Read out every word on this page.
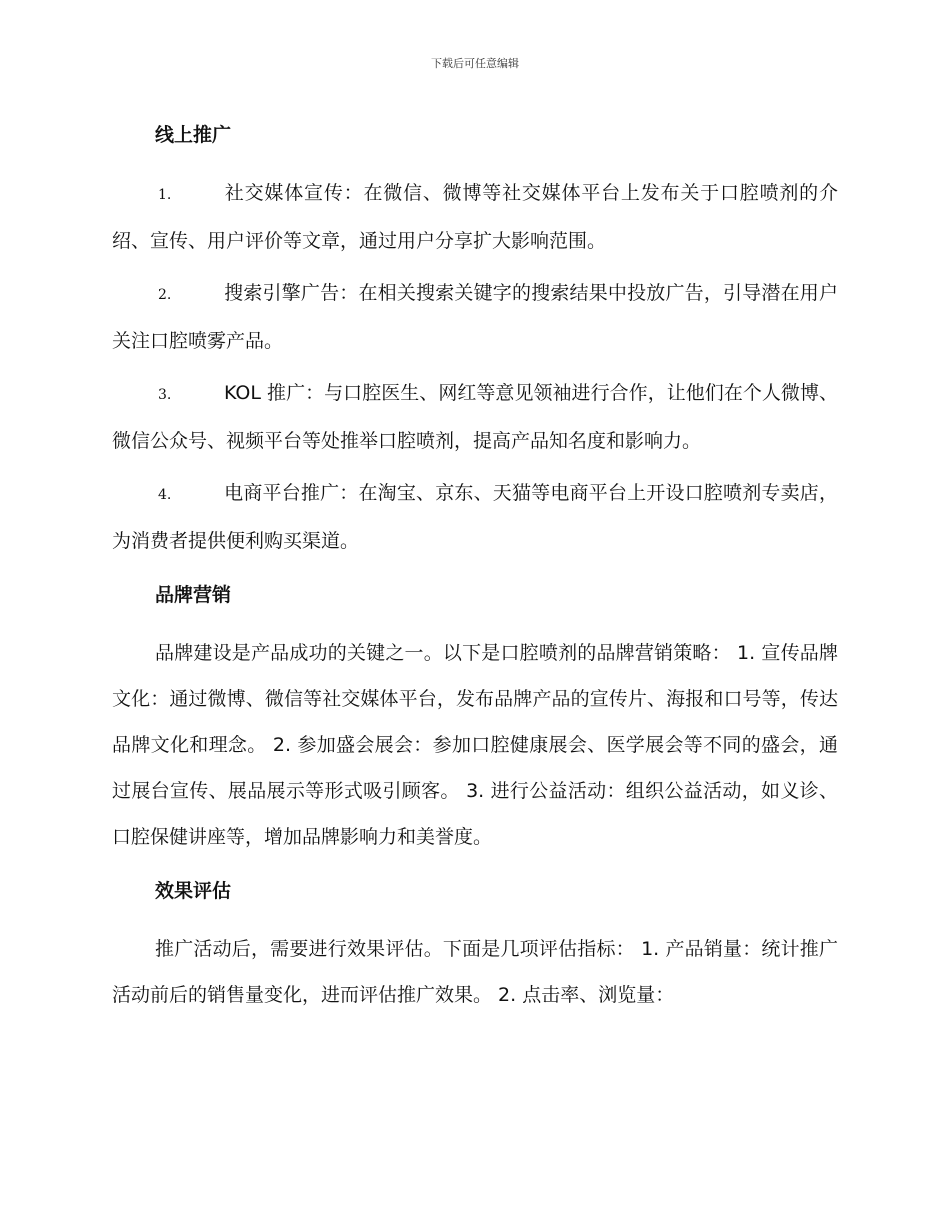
下载后可任意编辑
线上推广
1.	社交媒体宣传：在微信、微博等社交媒体平台上发布关于口腔喷剂的介绍、宣传、用户评价等文章，通过用户分享扩大影响范围。
2.	搜索引擎广告：在相关搜索关键字的搜索结果中投放广告，引导潜在用户关注口腔喷雾产品。
3.	KOL 推广：与口腔医生、网红等意见领袖进行合作，让他们在个人微博、微信公众号、视频平台等处推举口腔喷剂，提高产品知名度和影响力。
4.	电商平台推广：在淘宝、京东、天猫等电商平台上开设口腔喷剂专卖店，为消费者提供便利购买渠道。
品牌营销
品牌建设是产品成功的关键之一。以下是口腔喷剂的品牌营销策略： 1. 宣传品牌文化：通过微博、微信等社交媒体平台，发布品牌产品的宣传片、海报和口号等，传达品牌文化和理念。 2. 参加盛会展会：参加口腔健康展会、医学展会等不同的盛会，通过展台宣传、展品展示等形式吸引顾客。 3. 进行公益活动：组织公益活动，如义诊、口腔保健讲座等，增加品牌影响力和美誉度。
效果评估
推广活动后，需要进行效果评估。下面是几项评估指标： 1. 产品销量：统计推广活动前后的销售量变化，进而评估推广效果。 2. 点击率、浏览量：
